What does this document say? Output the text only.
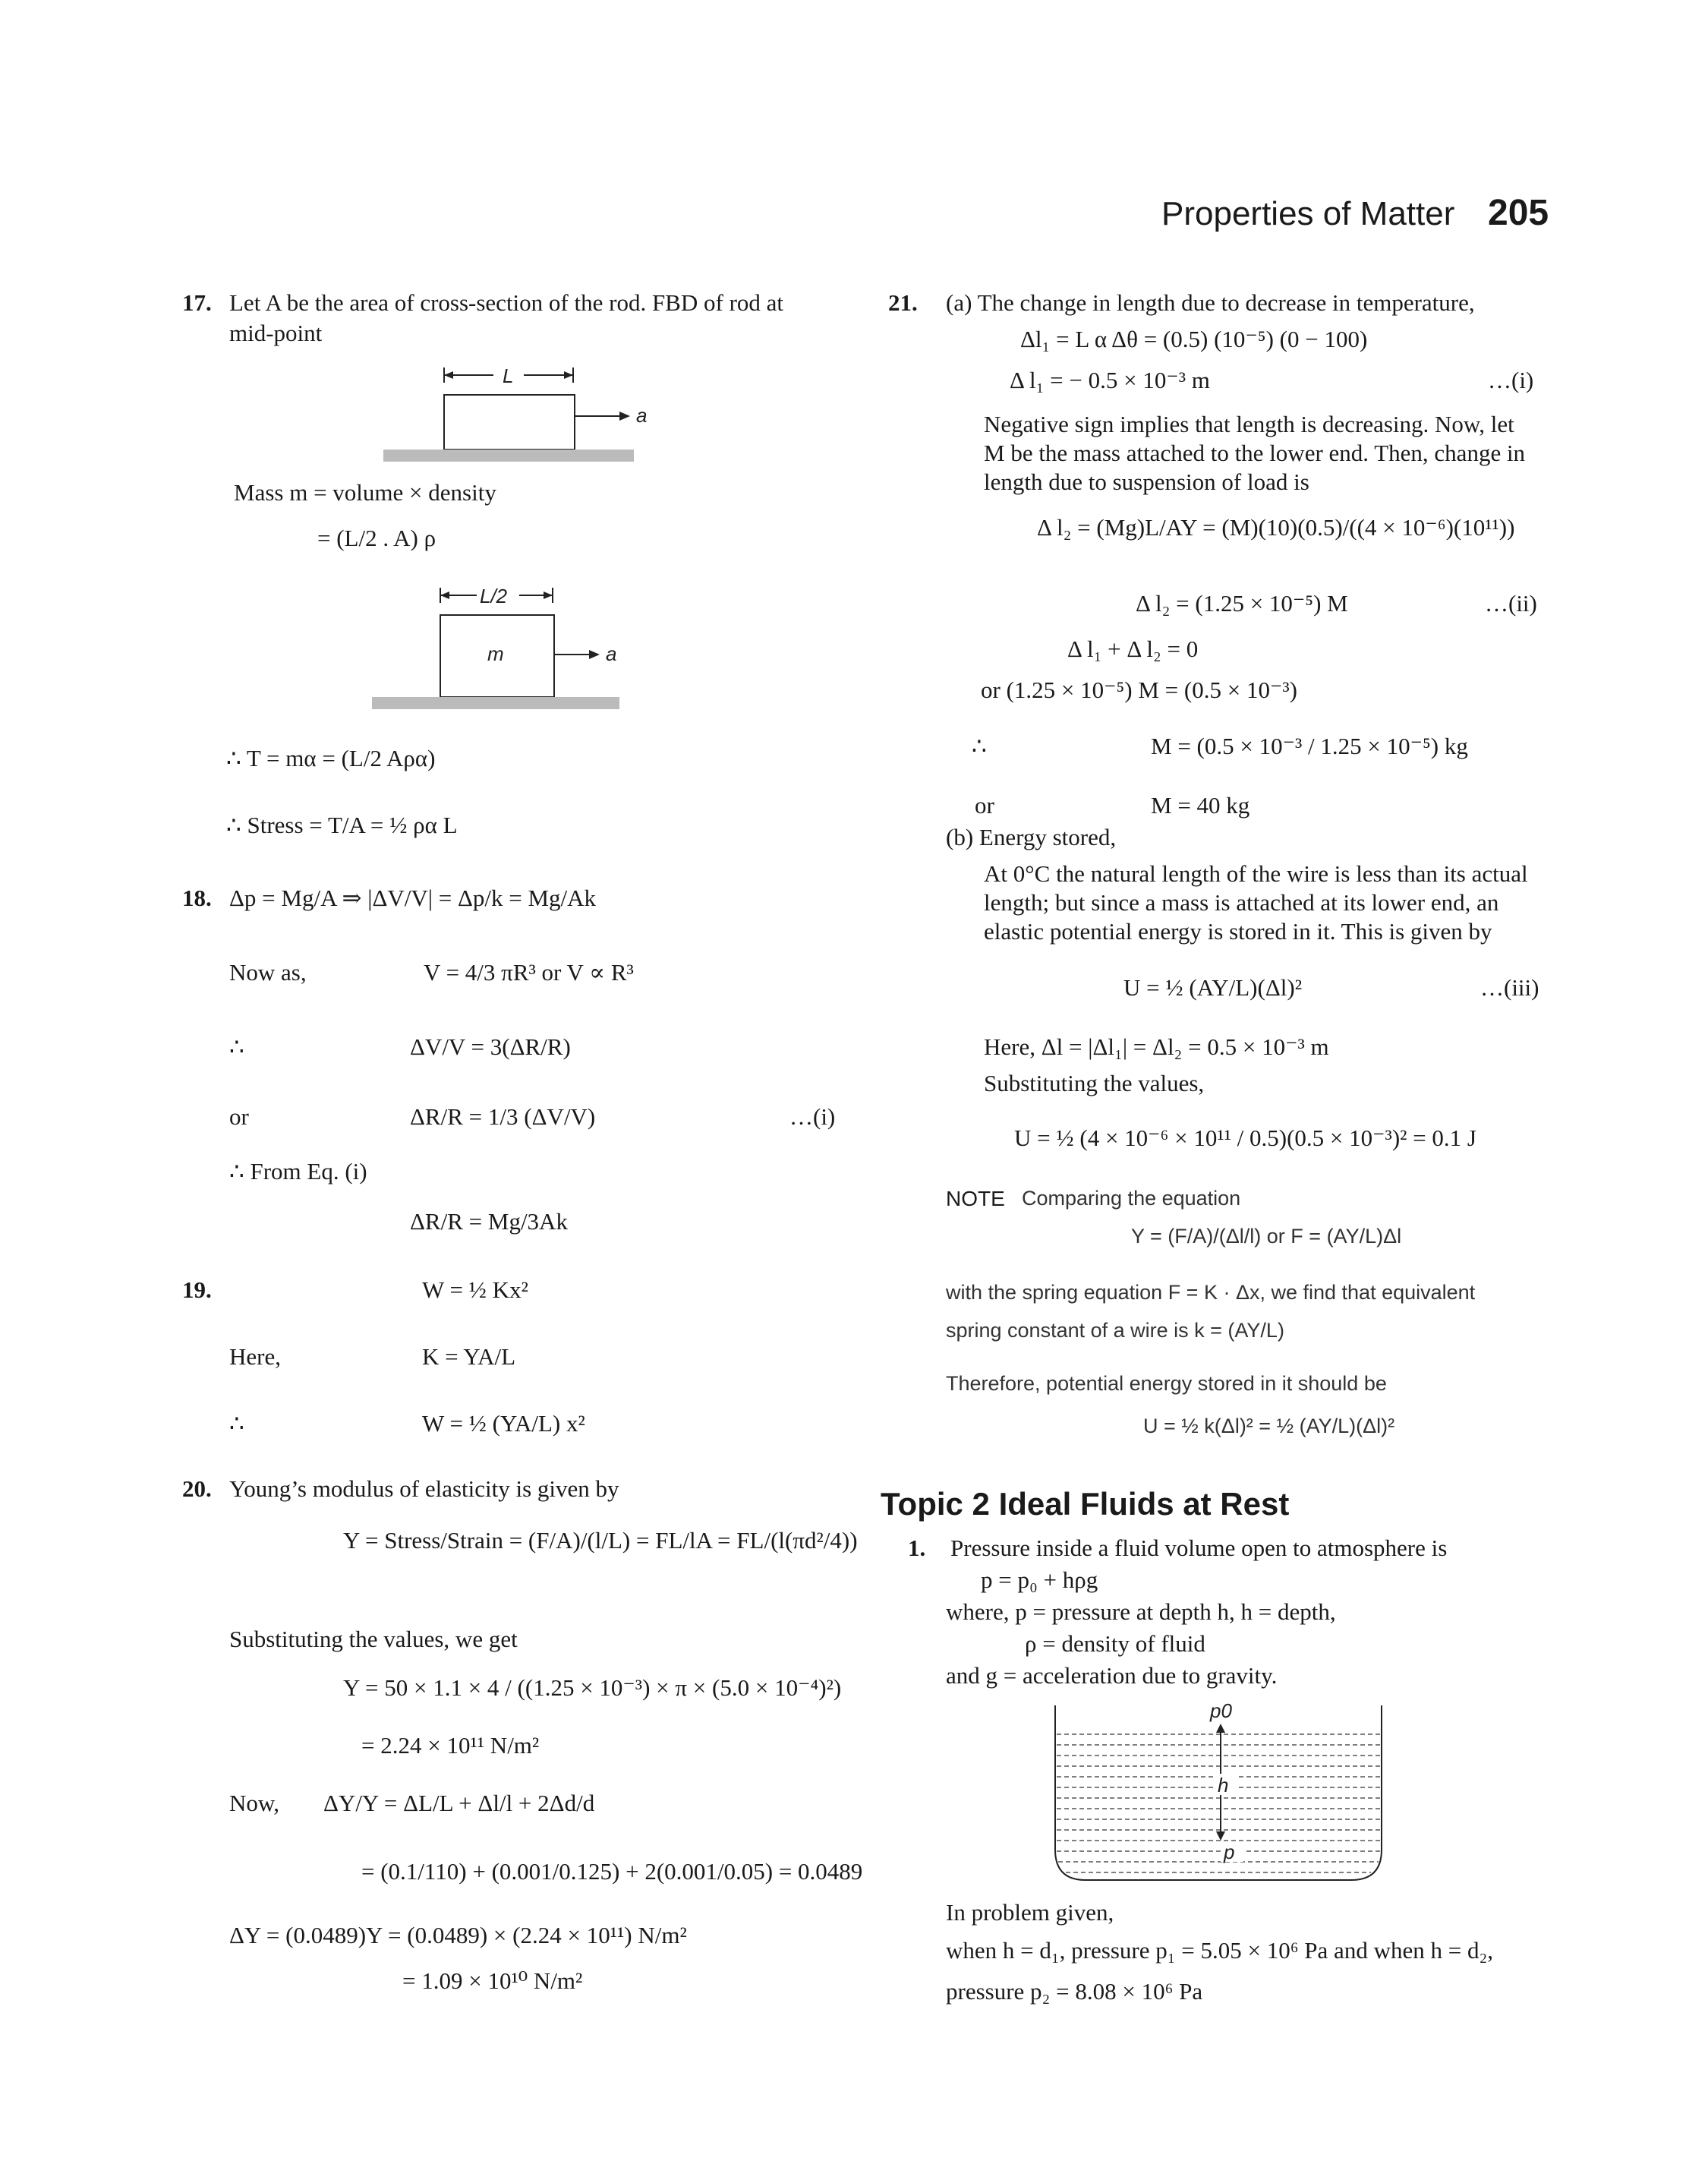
Properties of Matter 205
17. Let A be the area of cross-section of the rod. FBD of rod at
mid-point
L
a
Mass m = volume × density
= (L/2 . A) ρ
L/2
m	a
∴ T = mα = (L/2 Aρα)
∴ Stress = T/A = ½ ρα L
18. Δp = Mg/A ⇒ |ΔV/V| = Δp/k = Mg/Ak
Now as,	V = 4/3 πR³ or V ∝ R³
∴	ΔV/V = 3(ΔR/R)
or	ΔR/R = 1/3 (ΔV/V)	…(i)
∴ From Eq. (i)
ΔR/R = Mg/3Ak
19.	W = ½ Kx²
Here,	K = YA/L
∴	W = ½ (YA/L) x²
20. Young’s modulus of elasticity is given by
Y = Stress/Strain = (F/A)/(l/L) = FL/lA = FL/(l(πd²/4))
Substituting the values, we get
Y = 50 × 1.1 × 4 / ((1.25 × 10⁻³) × π × (5.0 × 10⁻⁴)²)
= 2.24 × 10¹¹ N/m²
Now, ΔY/Y = ΔL/L + Δl/l + 2Δd/d
= (0.1/110) + (0.001/0.125) + 2(0.001/0.05) = 0.0489
ΔY = (0.0489)Y = (0.0489) × (2.24 × 10¹¹) N/m²
= 1.09 × 10¹⁰ N/m²
21. (a) The change in length due to decrease in temperature,
Δl₁ = L α Δθ = (0.5) (10⁻⁵) (0 − 100)
Δ l₁ = − 0.5 × 10⁻³ m	…(i)
Negative sign implies that length is decreasing. Now, let
M be the mass attached to the lower end. Then, change in
length due to suspension of load is
Δ l₂ = (Mg)L/AY = (M)(10)(0.5)/((4 × 10⁻⁶)(10¹¹))
Δ l₂ = (1.25 × 10⁻⁵) M	…(ii)
Δ l₁ + Δ l₂ = 0
or (1.25 × 10⁻⁵) M = (0.5 × 10⁻³)
∴	M = (0.5 × 10⁻³ / 1.25 × 10⁻⁵) kg
or	M = 40 kg
(b) Energy stored,
At 0°C the natural length of the wire is less than its actual
length; but since a mass is attached at its lower end, an
elastic potential energy is stored in it. This is given by
U = ½ (AY/L)(Δl)²	…(iii)
Here, Δl = |Δl₁| = Δl₂ = 0.5 × 10⁻³ m
Substituting the values,
U = ½ (4 × 10⁻⁶ × 10¹¹ / 0.5)(0.5 × 10⁻³)² = 0.1 J
NOTE Comparing the equation
Y = (F/A)/(Δl/l) or F = (AY/L)Δl
with the spring equation F = K · Δx, we find that equivalent
spring constant of a wire is k = (AY/L)
Therefore, potential energy stored in it should be
U = ½ k(Δl)² = ½ (AY/L)(Δl)²
Topic 2 Ideal Fluids at Rest
1. Pressure inside a fluid volume open to atmosphere is
p = p₀ + hρg
where, p = pressure at depth h, h = depth,
ρ = density of fluid
and g = acceleration due to gravity.
p0
h
p
In problem given,
when h = d₁, pressure p₁ = 5.05 × 10⁶ Pa and when h = d₂,
pressure p₂ = 8.08 × 10⁶ Pa
